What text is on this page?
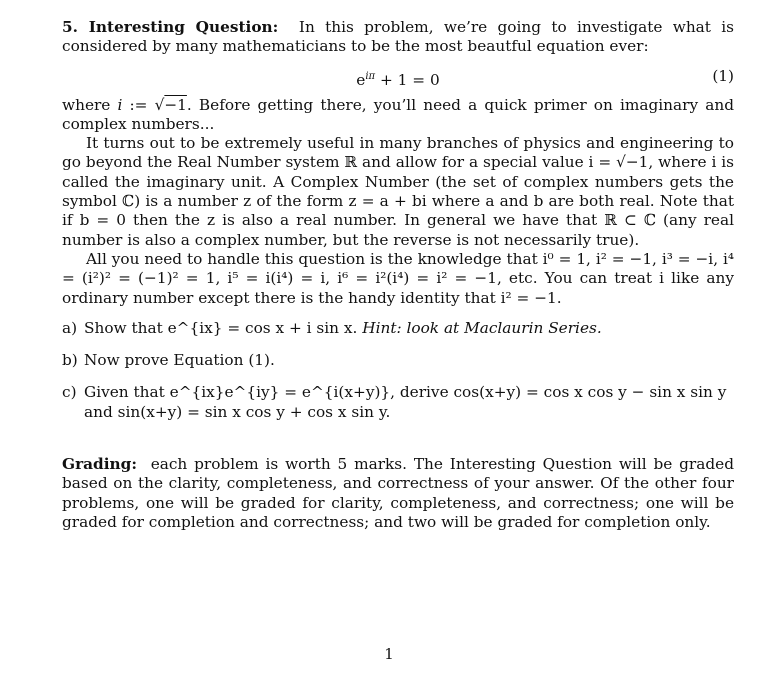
5. Interesting Question: In this problem, we’re going to investigate what is considered by many mathematicians to be the most beautful equation ever:

$e^{i\pi} + 1 = 0$	(1)

where i := √−1. Before getting there, you’ll need a quick primer on imaginary and complex numbers...

It turns out to be extremely useful in many branches of physics and engineering to go beyond the Real Number system ℝ and allow for a special value i = √−1, where i is called the imaginary unit. A Complex Number (the set of complex numbers gets the symbol ℂ) is a number z of the form z = a + bi where a and b are both real. Note that if b = 0 then the z is also a real number. In general we have that ℝ ⊂ ℂ (any real number is also a complex number, but the reverse is not necessarily true).

All you need to handle this question is the knowledge that i⁰ = 1, i² = −1, i³ = −i, i⁴ = (i²)² = (−1)² = 1, i⁵ = i(i⁴) = i, i⁶ = i²(i⁴) = i² = −1, etc. You can treat i like any ordinary number except there is the handy identity that i² = −1.

a) Show that e^{ix} = cos x + i sin x. Hint: look at Maclaurin Series.
b) Now prove Equation (1).
c) Given that e^{ix}e^{iy} = e^{i(x+y)}, derive cos(x+y) = cos x cos y − sin x sin y and sin(x+y) = sin x cos y + cos x sin y.

Grading: each problem is worth 5 marks. The Interesting Question will be graded based on the clarity, completeness, and correctness of your answer. Of the other four problems, one will be graded for clarity, completeness, and correctness; one will be graded for completion and correctness; and two will be graded for completion only.

1
